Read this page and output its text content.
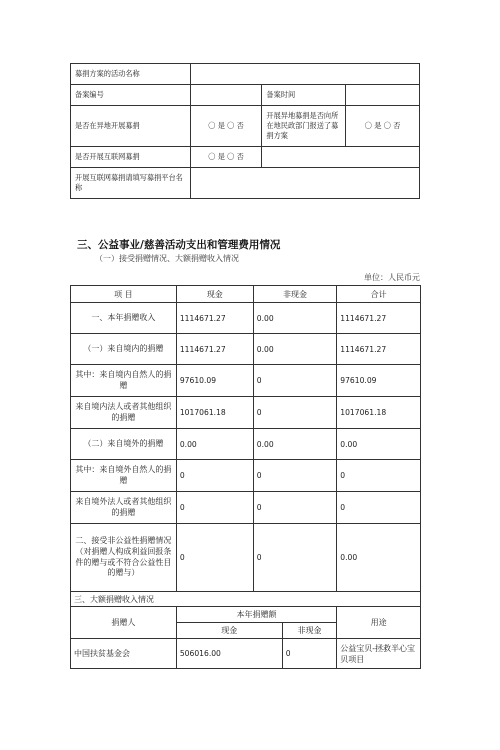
募捐方案的活动名称			
备案编号		备案时间	
是否在异地开展募捐	〇 是 〇 否	开展异地募捐是否向所在地民政部门报送了募捐方案	〇 是 〇 否
是否开展互联网募捐	〇 是 〇 否		
开展互联网募捐请填写募捐平台名称			
三、公益事业/慈善活动支出和管理费用情况
（一）接受捐赠情况、大额捐赠收入情况
单位：人民币元
项 目	现金	非现金		合计
一、本年捐赠收入	1114671.27	0.00		1114671.27
（一）来自境内的捐赠	1114671.27	0.00		1114671.27
其中：来自境内自然人的捐赠	97610.09	0		97610.09
来自境内法人或者其他组织的捐赠	1017061.18	0		1017061.18
（二）来自境外的捐赠	0.00	0.00		0.00
其中：来自境外自然人的捐赠	0	0		0
来自境外法人或者其他组织的捐赠	0	0		0
二、接受非公益性捐赠情况（对捐赠人构成利益回报条件的赠与或不符合公益性目的赠与）	0	0		0.00
三、大额捐赠收入情况				
捐赠人	本年捐赠额			用途
	现金		非现金	
中国扶贫基金会	506016.00		0	公益宝贝-拯救半心宝贝项目
